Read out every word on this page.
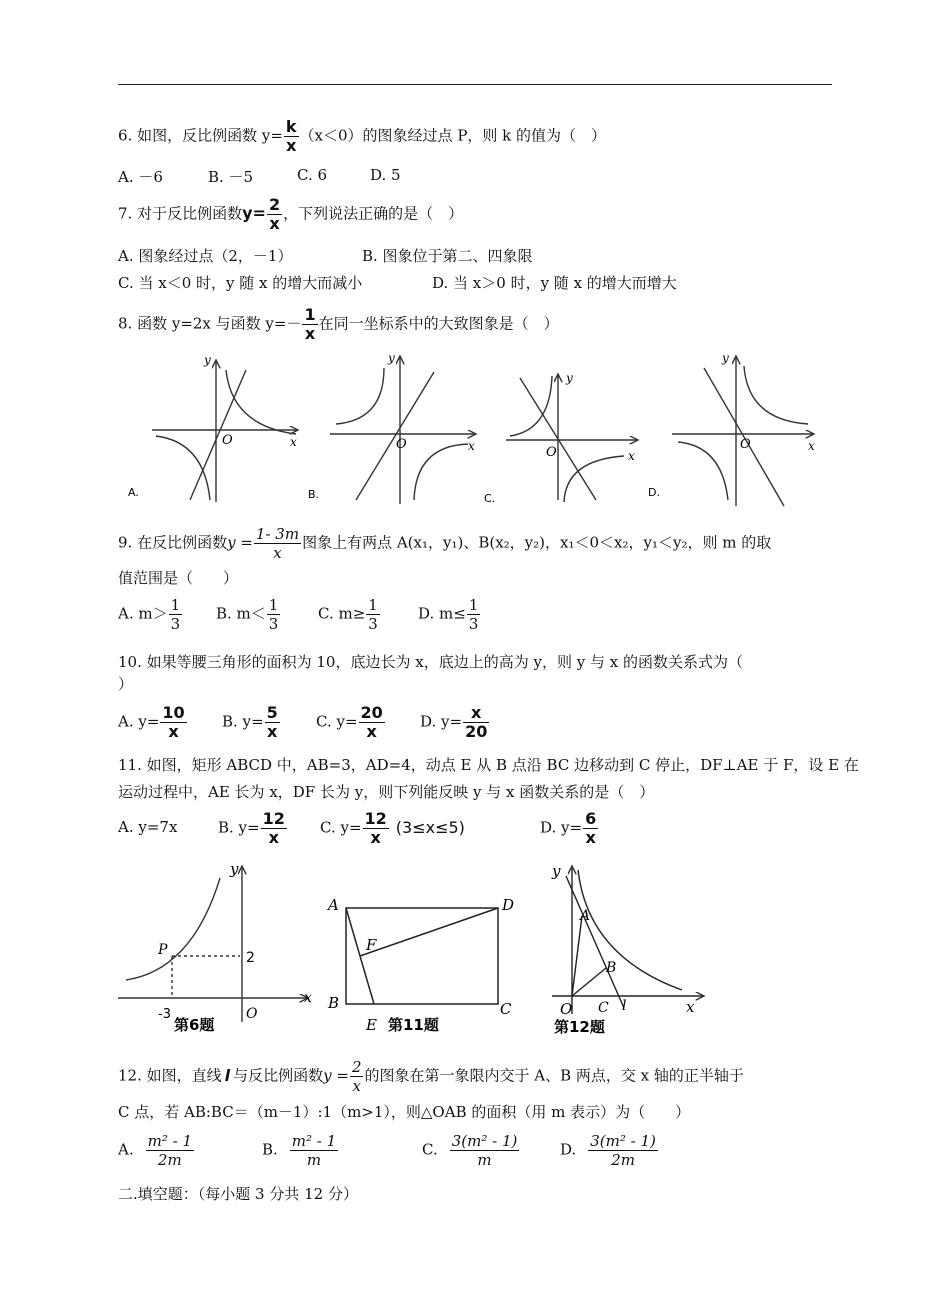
6. 如图，反比例函数 $y= \frac{k}{x} (x<0)$的图象经过点 P，则 k 的值为（　）
A. －6	B. －5	C. 6	D. 5
7. 对于反比例函数$y= \frac{2}{x}$ ，下列说法正确的是（　）
A. 图象经过点（2，－1）	B. 图象位于第二、四象限
C. 当 x＜0 时，y 随 x 的增大而减小	D. 当 x＞0 时，y 随 x 的增大而增大
8. 函数 y=2x 与函数 $y=- \frac{1}{x}$ 在同一坐标系中的大致图象是（　）
y
x
O
A.
y
x
O
B.
y
x
O
C.
y
x
O
D.
9. 在反比例函数$y = \frac{1- 3m}{x}$ 图象上有两点 A(x₁，y₁)、B(x₂，y₂)，x₁＜0＜x₂，y₁＜y₂，则 m 的取
值范围是（　　）
A. $m> \frac{1}{3} B$. $m< \frac{1}{3}$	C. $m\ge \frac{1}{3}$	D. $m\le \frac{1}{3}$
10. 如果等腰三角形的面积为 10，底边长为 x，底边上的高为 y，则 y 与 x 的函数关系式为（
）
A. $y= \frac{10}{x} B$. $y= \frac{5}{x} C$. $y= \frac{20}{x} D$. $y= \frac{x}{20}$
11. 如图，矩形 ABCD 中，AB=3，AD=4，动点 E 从 B 点沿 BC 边移动到 C 停止，DF⊥AE 于 F，设 E 在
运动过程中，AE 长为 x，DF 长为 y，则下列能反映 y 与 x 函数关系的是（　）
A. y=7x	B. $y= \frac{12}{x} C$. $y= \frac{12}{x} (3\le x\le 5)$	D. $y= \frac{6}{x}$
y
x
O
P	2
-3
第6题
A
B	C
D
E
F
第11题
y
x
O
A
B
C l
第12题
12. 如图，直线 l 与反比例函数$y = \frac{2}{x}$ 的图象在第一象限内交于 A、B 两点，交 x 轴的正半轴于
C 点，若 AB:BC＝（m－1）:1（m>1），则△OAB 的面积（用 m 表示）为（　　）
A. $\frac{\text{m² - 1}}{2m}$	B. $\frac{\text{m² - 1}}{m}$	C. $\frac{\text{3(m² - 1)}}{m}$	D. $\frac{\text{3(m² - 1)}}{2m}$
二.填空题：（每小题 3 分共 12 分）
